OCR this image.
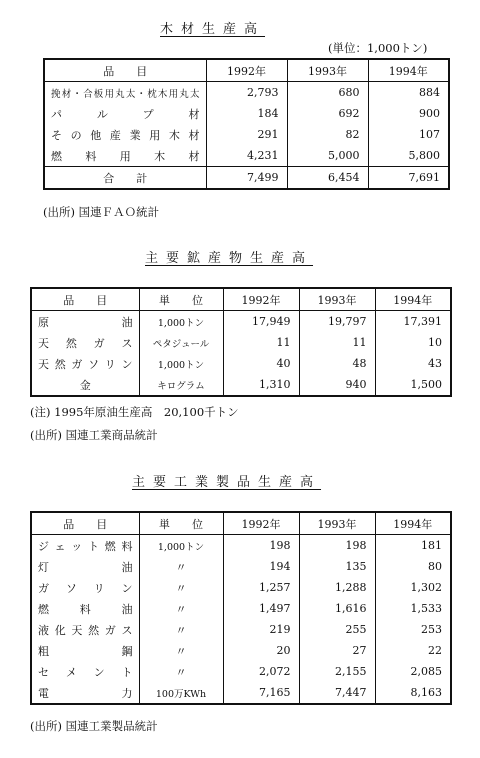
木材生産高
(単位：1,000トン)
品　　目	1992年	1993年	1994年
挽材・合板用丸太・枕木用丸太	2,793	680	884
パルプ材	184	692	900
その他産業用木材	291	82	107
燃料用木材	4,231	5,000	5,800
合　　計	7,499	6,454	7,691
(出所) 国連ＦＡＯ統計
主要鉱産物生産高
品　　目	単　　位	1992年	1993年	1994年
原油	1,000トン	17,949	19,797	17,391
天然ガス	ペタジュール	11	11	10
天然ガソリン	1,000トン	40	48	43
金	キログラム	1,310	940	1,500
(注) 1995年原油生産高　20,100千トン
(出所) 国連工業商品統計
主要工業製品生産高
品　　目	単　　位	1992年	1993年	1994年
ジェット燃料	1,000トン	198	198	181
灯油	〃	194	135	80
ガソリン	〃	1,257	1,288	1,302
燃料油	〃	1,497	1,616	1,533
液化天然ガス	〃	219	255	253
粗鋼	〃	20	27	22
セメント	〃	2,072	2,155	2,085
電力	100万KWh	7,165	7,447	8,163
(出所) 国連工業製品統計
